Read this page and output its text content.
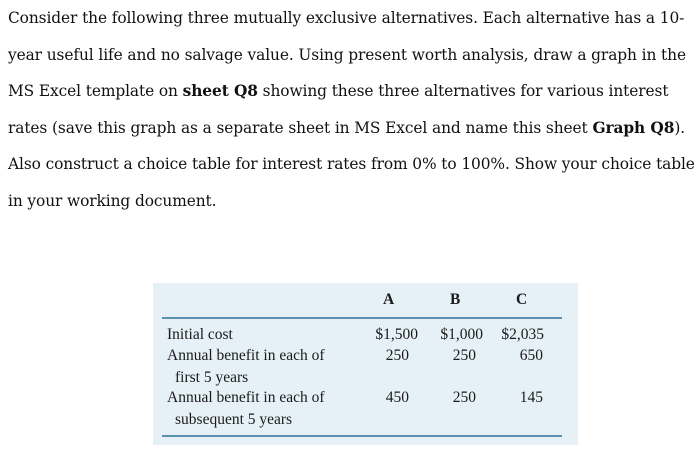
Consider the following three mutually exclusive alternatives. Each alternative has a 10-
year useful life and no salvage value. Using present worth analysis, draw a graph in the
MS Excel template on sheet Q8 showing these three alternatives for various interest
rates (save this graph as a separate sheet in MS Excel and name this sheet Graph Q8).
Also construct a choice table for interest rates from 0% to 100%. Show your choice table
in your working document.
A	B	C
Initial cost	$1,500	$1,000	$2,035
Annual benefit in each of
first 5 years
250	250	650
Annual benefit in each of
subsequent 5 years
450	250	145
